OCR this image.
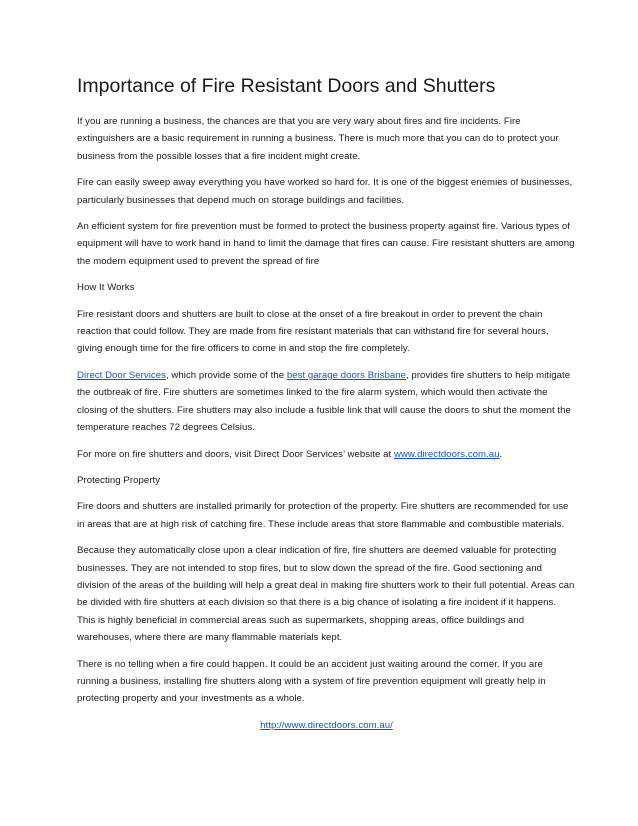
Importance of Fire Resistant Doors and Shutters

If you are running a business, the chances are that you are very wary about fires and fire incidents. Fire extinguishers are a basic requirement in running a business. There is much more that you can do to protect your business from the possible losses that a fire incident might create.

Fire can easily sweep away everything you have worked so hard for. It is one of the biggest enemies of businesses, particularly businesses that depend much on storage buildings and facilities.

An efficient system for fire prevention must be formed to protect the business property against fire. Various types of equipment will have to work hand in hand to limit the damage that fires can cause. Fire resistant shutters are among the modern equipment used to prevent the spread of fire

How It Works

Fire resistant doors and shutters are built to close at the onset of a fire breakout in order to prevent the chain reaction that could follow. They are made from fire resistant materials that can withstand fire for several hours, giving enough time for the fire officers to come in and stop the fire completely.

Direct Door Services, which provide some of the best garage doors Brisbane, provides fire shutters to help mitigate the outbreak of fire. Fire shutters are sometimes linked to the fire alarm system, which would then activate the closing of the shutters. Fire shutters may also include a fusible link that will cause the doors to shut the moment the temperature reaches 72 degrees Celsius.

For more on fire shutters and doors, visit Direct Door Services’ website at www.directdoors.com.au.

Protecting Property

Fire doors and shutters are installed primarily for protection of the property. Fire shutters are recommended for use in areas that are at high risk of catching fire. These include areas that store flammable and combustible materials.

Because they automatically close upon a clear indication of fire, fire shutters are deemed valuable for protecting businesses. They are not intended to stop fires, but to slow down the spread of the fire. Good sectioning and division of the areas of the building will help a great deal in making fire shutters work to their full potential. Areas can be divided with fire shutters at each division so that there is a big chance of isolating a fire incident if it happens. This is highly beneficial in commercial areas such as supermarkets, shopping areas, office buildings and warehouses, where there are many flammable materials kept.

There is no telling when a fire could happen. It could be an accident just waiting around the corner. If you are running a business, installing fire shutters along with a system of fire prevention equipment will greatly help in protecting property and your investments as a whole.

http://www.directdoors.com.au/
